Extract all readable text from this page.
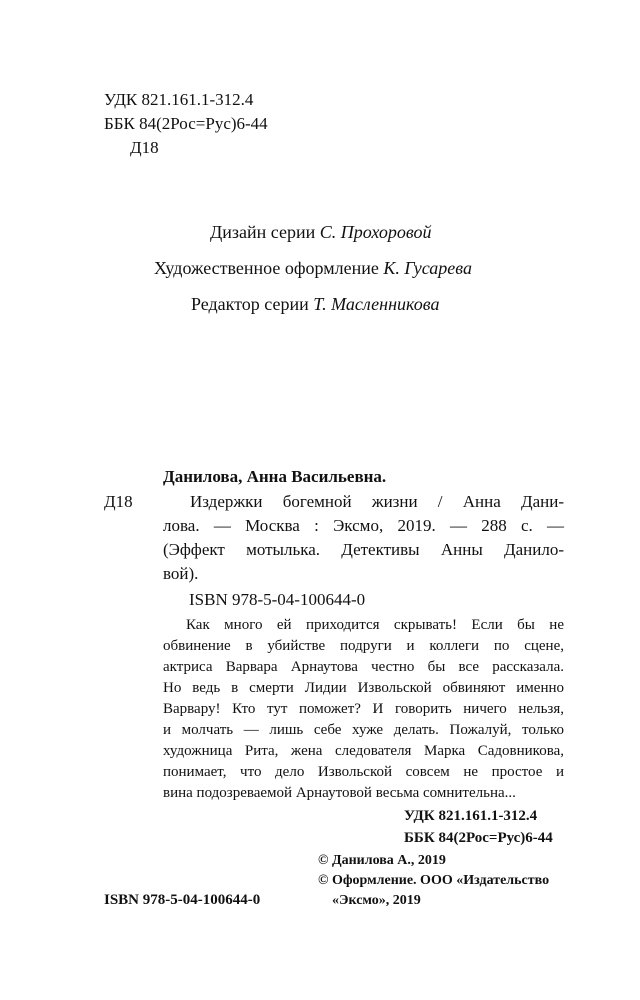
УДК 821.161.1-312.4
ББК 84(2Рос=Рус)6-44
Д18
Дизайн серии С. Прохоровой
Художественное оформление К. Гусарева
Редактор серии Т. Масленникова
Данилова, Анна Васильевна.
Д18	Издержки богемной жизни / Анна Дани-
лова. — Москва : Эксмо, 2019. — 288 с. —
(Эффект мотылька. Детективы Анны Данило-
вой).
ISBN 978-5-04-100644-0
Как много ей приходится скрывать! Если бы не
обвинение в убийстве подруги и коллеги по сцене,
актриса Варвара Арнаутова честно бы все рассказала.
Но ведь в смерти Лидии Извольской обвиняют именно
Варвару! Кто тут поможет? И говорить ничего нельзя,
и молчать — лишь себе хуже делать. Пожалуй, только
художница Рита, жена следователя Марка Садовникова,
понимает, что дело Извольской совсем не простое и
вина подозреваемой Арнаутовой весьма сомнительна...
УДК 821.161.1-312.4
ББК 84(2Рос=Рус)6-44
© Данилова А., 2019
© Оформление. ООО «Издательство
«Эксмо», 2019
ISBN 978-5-04-100644-0
